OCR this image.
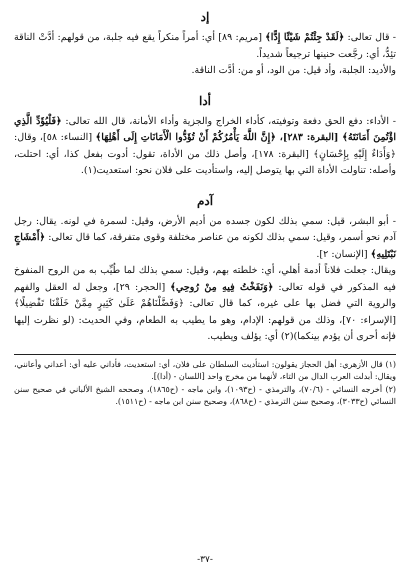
إد

- قال تعالى: ﴿لَقَدْ جِئْتُمْ شَيْئًا إِدًّا﴾ [مريم: ٨٩] أي: أمراً منكراً يقع فيه جلبة، من قولهم: أدَّتْ الناقة تئِدُّ، أي: رجَّعت حنينها ترجيعاً شديداً.

والأديد: الجلبة، وأد قيل: من الود، أو من: أدَّت الناقة.

أدا

- الأداء: دفع الحق دفعة وتوفيته، كأداء الخراج والجزية وأداء الأمانة، قال الله تعالى: ﴿فَلْيُؤَدِّ الَّذِي اؤْتُمِنَ أَمَانَتَهُ﴾ [البقرة: ٢٨٣]، ﴿إِنَّ اللَّهَ يَأْمُرُكُمْ أَنْ تُؤَدُّوا الْأَمَانَاتِ إِلَى أَهْلِهَا﴾ [النساء: ٥٨]، وقال: ﴿وَأَدَاءٌ إِلَيْهِ بِإِحْسَانٍ﴾ [البقرة: ١٧٨]، وأصل ذلك من الأداة، تقول: أدوت بفعل كذا، أي: احتلت، وأصله: تناولت الأداة التي بها يتوصل إليه، واستأديت على فلان نحو: استعديت(١).

آدم

- أبو البشر، قيل: سمي بذلك لكون جسده من أديم الأرض، وقيل: لسمرة في لونه. يقال: رجل آدم نحو أسمر، وقيل: سمي بذلك لكونه من عناصر مختلفة وقوى متفرقة، كما قال تعالى: ﴿أَمْشَاجٍ نَبْتَلِيهِ﴾ [الإنسان: ٢].

ويقال: جعلت فلاناً أدمة أهلي، أي: خلطته بهم، وقيل: سمي بذلك لما طُيِّب به من الروح المنفوخ فيه المذكور في قوله تعالى: ﴿وَنَفَخْتُ فِيهِ مِنْ رُوحِي﴾ [الحجر: ٢٩]، وجعل له العقل والفهم والروية التي فضل بها على غيره، كما قال تعالى: ﴿وَفَضَّلْنَاهُمْ عَلَىٰ كَثِيرٍ مِمَّنْ خَلَقْنَا تَفْضِيلًا﴾ [الإسراء: ٧٠]، وذلك من قولهم: الإدام، وهو ما يطيب به الطعام، وفي الحديث: (لو نظرت إليها فإنه أحرى أن يؤدم بينكما)(٢) أي: يؤلف ويطيب.

(١) قال الأزهري: أهل الحجاز يقولون: استأديت السلطان على فلان، أي: استعديت، فأداني عليه أي: أعداني وأعانني، ويقال: أبدلت العرب الدال من التاء، لأنهما من مخرج واحد [اللسان - (أدا)].

(٢) أخرجه النسائي - (٧٠/٦)، والترمذي - (ح١٠٩٣)، وابن ماجه - (ح١٨٦٥)، وصححه الشيخ الألباني في صحيح سنن النسائي (ح٣٠٣٣)، وصحيح سنن الترمذي - (ح٨٦٨)، وصحيح سنن ابن ماجه - (ح١٥١١).

-٣٧-
